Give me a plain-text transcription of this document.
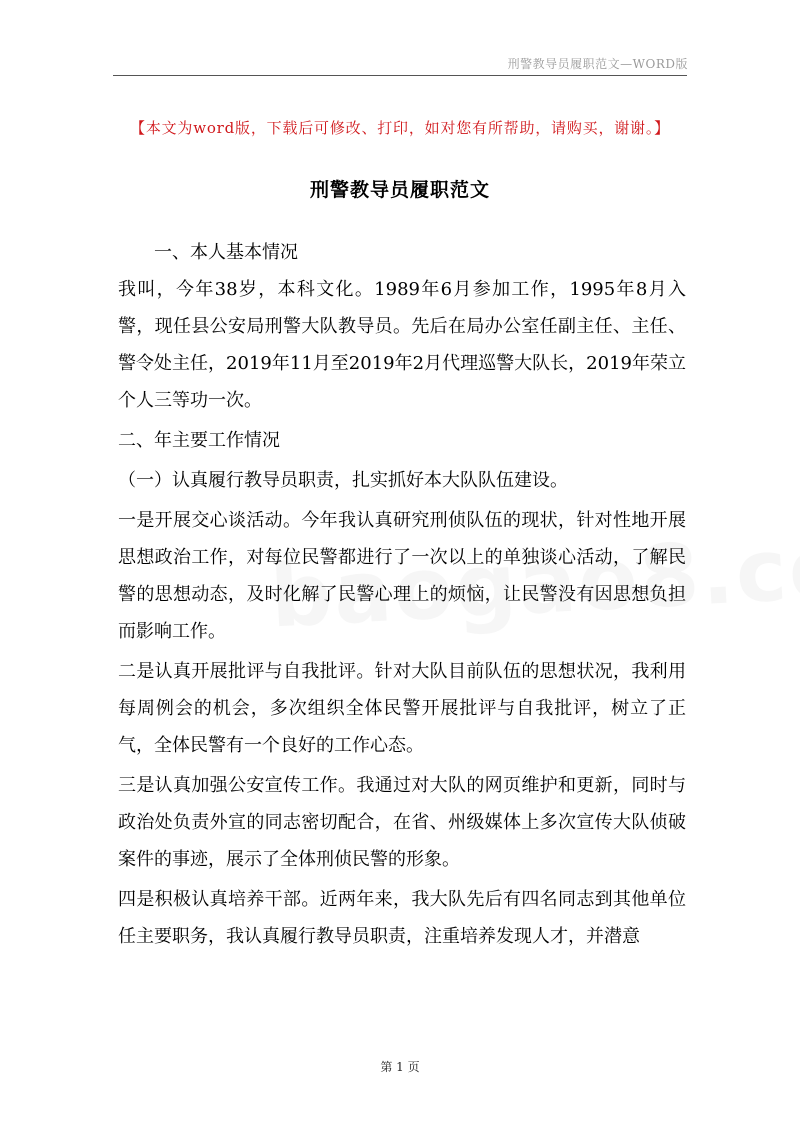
刑警教导员履职范文—WORD版
【本文为word版，下载后可修改、打印，如对您有所帮助，请购买，谢谢。】
刑警教导员履职范文

一、本人基本情况

我叫，今年38岁，本科文化。1989年6月参加工作，1995年8月入警，现任县公安局刑警大队教导员。先后在局办公室任副主任、主任、警令处主任，2019年11月至2019年2月代理巡警大队长，2019年荣立个人三等功一次。

二、年主要工作情况

（一）认真履行教导员职责，扎实抓好本大队队伍建设。

一是开展交心谈活动。今年我认真研究刑侦队伍的现状，针对性地开展思想政治工作，对每位民警都进行了一次以上的单独谈心活动，了解民警的思想动态，及时化解了民警心理上的烦恼，让民警没有因思想负担而影响工作。

二是认真开展批评与自我批评。针对大队目前队伍的思想状况，我利用每周例会的机会，多次组织全体民警开展批评与自我批评，树立了正气，全体民警有一个良好的工作心态。

三是认真加强公安宣传工作。我通过对大队的网页维护和更新，同时与政治处负责外宣的同志密切配合，在省、州级媒体上多次宣传大队侦破案件的事迹，展示了全体刑侦民警的形象。

四是积极认真培养干部。近两年来，我大队先后有四名同志到其他单位任主要职务，我认真履行教导员职责，注重培养发现人才，并潜意

第 1 页
